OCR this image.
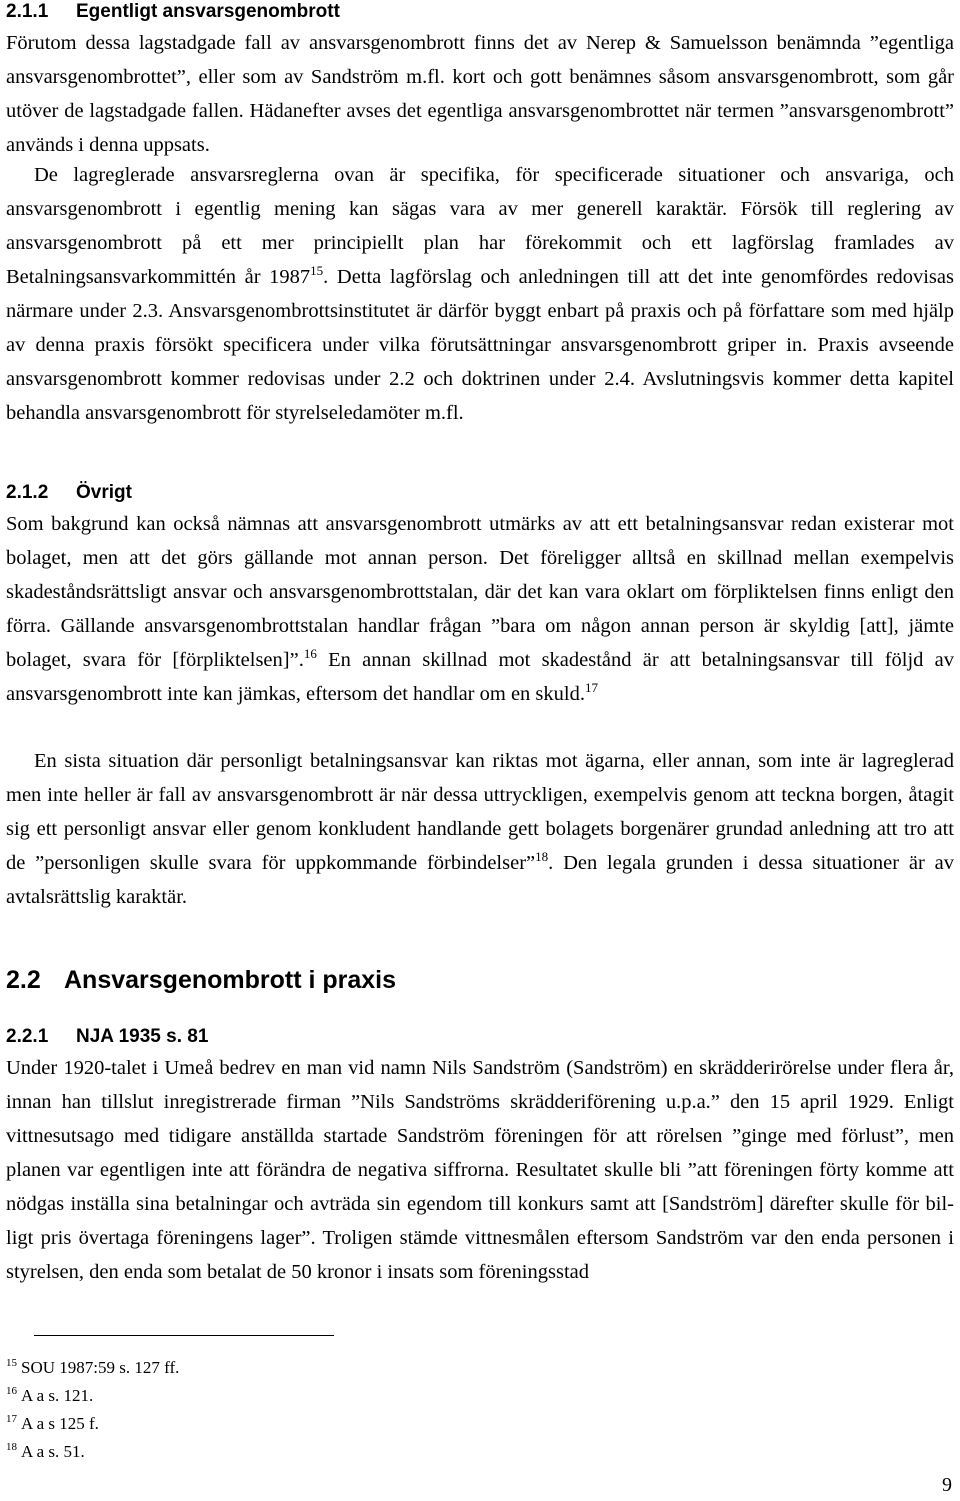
2.1.1 Egentligt ansvarsgenombrott

Förutom dessa lagstadgade fall av ansvarsgenombrott finns det av Nerep & Samuelsson benämnda ”egentliga ansvarsgenombrottet”, eller som av Sandström m.fl. kort och gott benämnes såsom ansvarsgenombrott, som går utöver de lagstadgade fallen. Hädanefter avses det egentliga ansvarsgenombrottet när termen ”ansvarsgenombrott” används i denna uppsats.

De lagreglerade ansvarsreglerna ovan är specifika, för specificerade situationer och ansvariga, och ansvarsgenombrott i egentlig mening kan sägas vara av mer generell karaktär. Försök till reglering av ansvarsgenombrott på ett mer principiellt plan har förekommit och ett lagförslag framlades av Betalningsansvarkommittén år 1987$^{15}$. Detta lagförslag och anledningen till att det inte genomfördes redovisas närmare under 2.3. Ansvarsgenombrottsinstitutet är därför byggt enbart på praxis och på författare som med hjälp av denna praxis försökt specificera under vilka förutsättningar ansvarsgenombrott griper in. Praxis avseende ansvarsgenombrott kommer redovisas under 2.2 och doktrinen under 2.4. Avslutningsvis kommer detta kapitel behandla ansvarsgenombrott för styrelseledamöter m.fl.

2.1.2 Övrigt

Som bakgrund kan också nämnas att ansvarsgenombrott utmärks av att ett betalningsansvar redan existerar mot bolaget, men att det görs gällande mot annan person. Det föreligger alltså en skillnad mellan exempelvis skadeståndsrättsligt ansvar och ansvarsgenombrottstalan, där det kan vara oklart om förpliktelsen finns enligt den förra. Gällande ansvarsgenombrottstalan handlar frågan ”bara om någon annan person är skyldig [att], jämte bolaget, svara för [förpliktelsen]”.$^{16}$ En annan skillnad mot skadestånd är att betalningsansvar till följd av ansvarsgenombrott inte kan jämkas, eftersom det handlar om en skuld.$^{17}$

En sista situation där personligt betalningsansvar kan riktas mot ägarna, eller annan, som inte är lagreglerad men inte heller är fall av ansvarsgenombrott är när dessa uttryckligen, exempelvis genom att teckna borgen, åtagit sig ett personligt ansvar eller genom konkludent handlande gett bolagets borgenärer grundad anledning att tro att de ”personligen skulle svara för uppkommande förbindelser”$^{18}$. Den legala grunden i dessa situationer är av avtalsrättslig karaktär.

2.2 Ansvarsgenombrott i praxis
2.2.1 NJA 1935 s. 81

Under 1920-talet i Umeå bedrev en man vid namn Nils Sandström (Sandström) en skrädderirörelse under flera år, innan han tillslut inregistrerade firman ”Nils Sandströms skrädderiförening u.p.a.” den 15 april 1929. Enligt vittnesutsago med tidigare anställda startade Sandström föreningen för att rörelsen ”ginge med förlust”, men planen var egentligen inte att förändra de negativa siffrorna. Resultatet skulle bli ”att föreningen förty komme att nödgas inställa sina betalningar och avträda sin egendom till konkurs samt att [Sandström] därefter skulle för billigt pris övertaga föreningens lager”. Troligen stämde vittnesmålen eftersom Sandström var den enda personen i styrelsen, den enda som betalat de 50 kronor i insats som föreningsstad

$^{15}$ SOU 1987:59 s. 127 ff.
$^{16}$ A a s. 121.
$^{17}$ A a s 125 f.
$^{18}$ A a s. 51.
9
